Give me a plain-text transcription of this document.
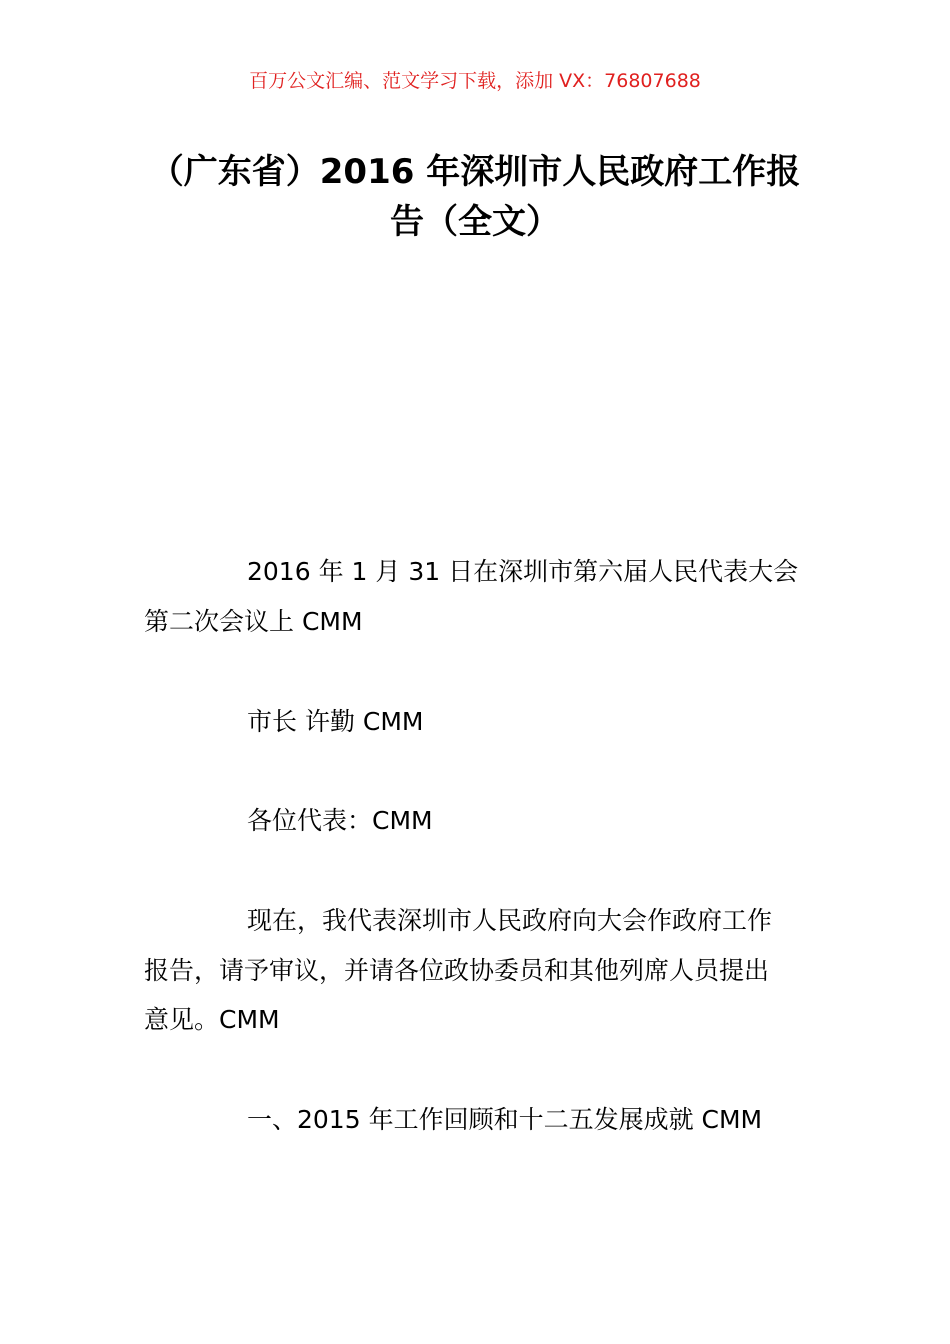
百万公文汇编、范文学习下载，添加 VX：76807688
（广东省）2016 年深圳市人民政府工作报
告（全文）
2016 年 1 月 31 日在深圳市第六届人民代表大会
第二次会议上 CMM
市长 许勤 CMM
各位代表：CMM
现在，我代表深圳市人民政府向大会作政府工作
报告，请予审议，并请各位政协委员和其他列席人员提出
意见。CMM
一、2015 年工作回顾和十二五发展成就 CMM
